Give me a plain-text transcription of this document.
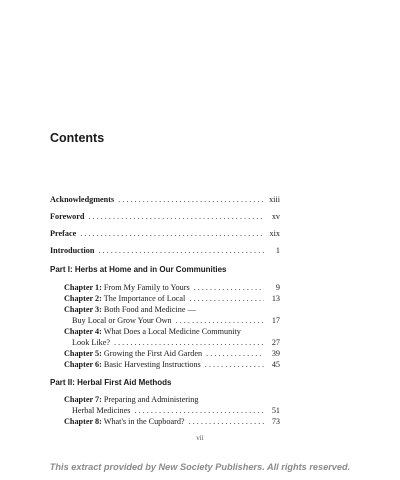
Contents
Acknowledgments . . .	xiii
Foreword . . .	xv
Preface . . .	xix
Introduction . . .	1
Part I: Herbs at Home and in Our Communities
Chapter 1: From My Family to Yours . . .	9
Chapter 2: The Importance of Local . . .	13
Chapter 3: Both Food and Medicine —
Buy Local or Grow Your Own . . .	17
Chapter 4: What Does a Local Medicine Community
Look Like? . . .	27
Chapter 5: Growing the First Aid Garden . . .	39
Chapter 6: Basic Harvesting Instructions . . .	45
Part II: Herbal First Aid Methods
Chapter 7: Preparing and Administering
Herbal Medicines . . .	51
Chapter 8: What's in the Cupboard? . . .	73
vii
This extract provided by New Society Publishers. All rights reserved.
